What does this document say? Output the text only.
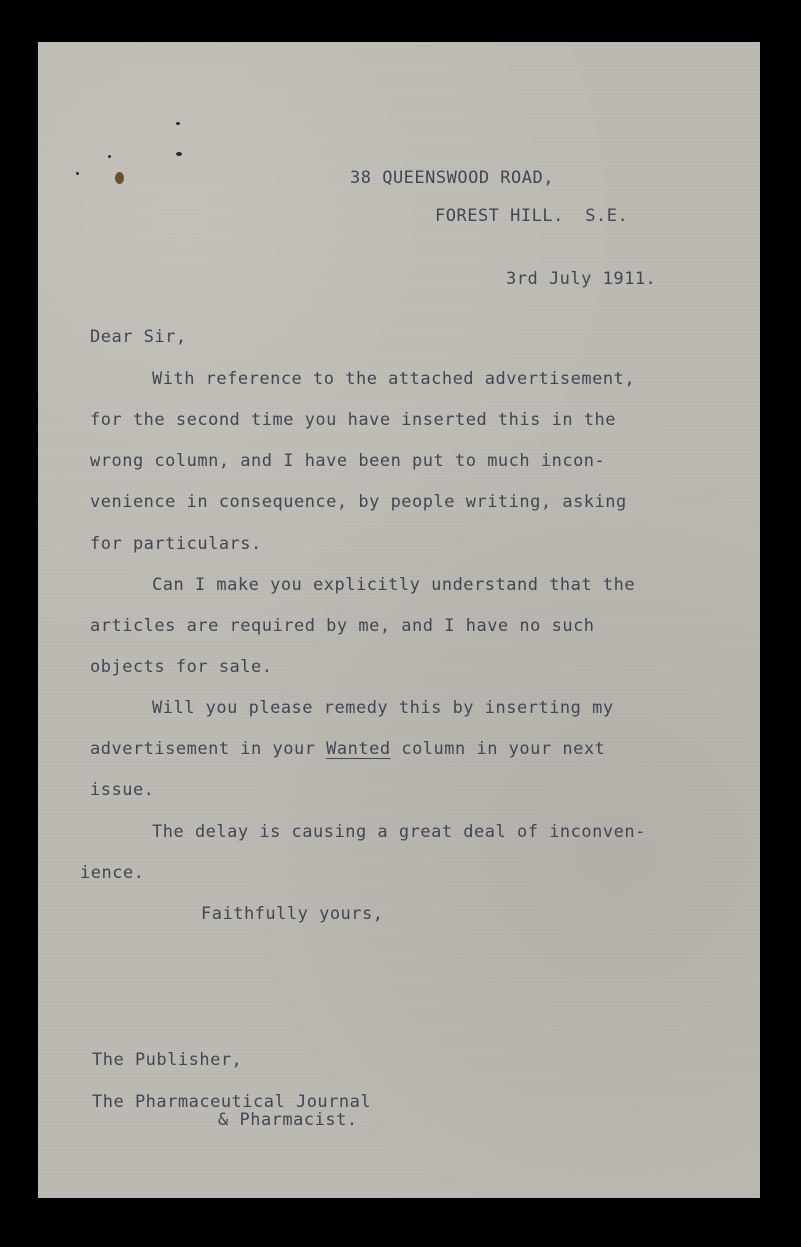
38 QUEENSWOOD ROAD,
FOREST HILL.  S.E.
3rd July 1911.
Dear Sir,
With reference to the attached advertisement,
for the second time you have inserted this in the
wrong column, and I have been put to much incon-
venience in consequence, by people writing, asking
for particulars.
Can I make you explicitly understand that the
articles are required by me, and I have no such
objects for sale.
Will you please remedy this by inserting my
advertisement in your Wanted column in your next
issue.
The delay is causing a great deal of inconven-
ience.
Faithfully yours,
The Publisher,
The Pharmaceutical Journal
& Pharmacist.
